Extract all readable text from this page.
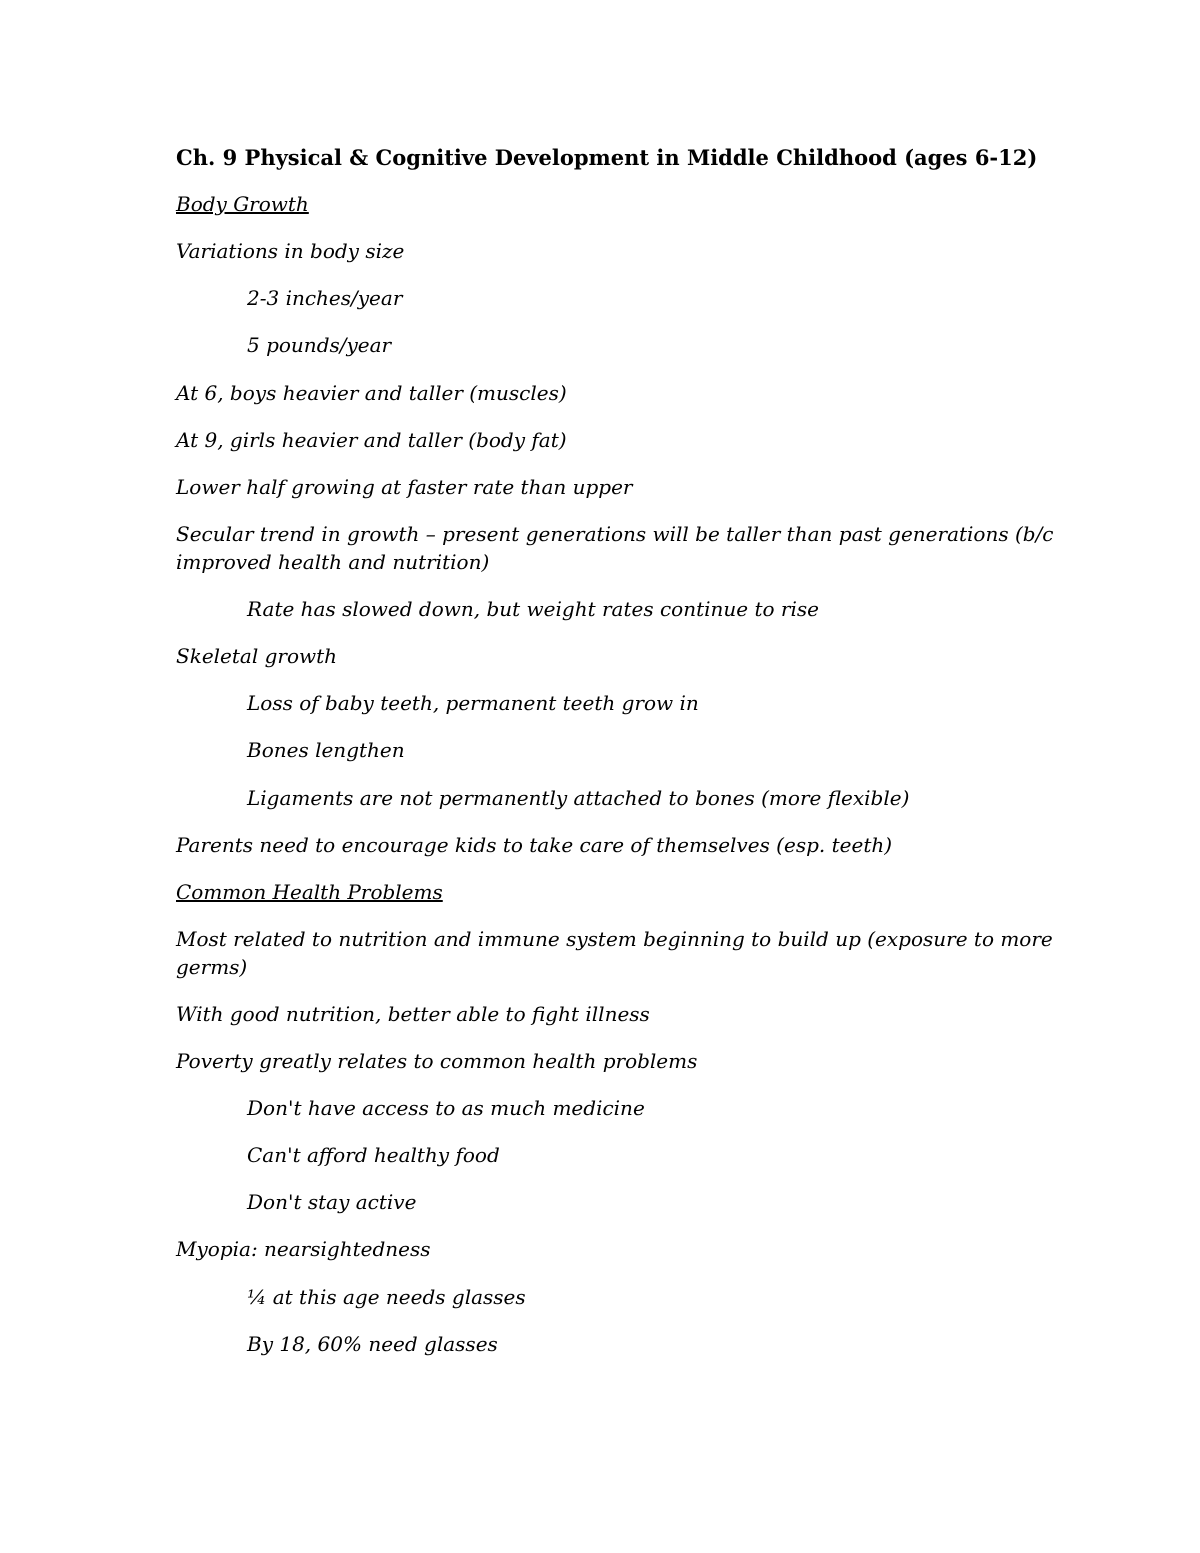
Ch. 9 Physical & Cognitive Development in Middle Childhood (ages 6-12)

Body Growth

Variations in body size

2-3 inches/year

5 pounds/year

At 6, boys heavier and taller (muscles)

At 9, girls heavier and taller (body fat)

Lower half growing at faster rate than upper

Secular trend in growth – present generations will be taller than past generations (b/c improved health and nutrition)

Rate has slowed down, but weight rates continue to rise

Skeletal growth

Loss of baby teeth, permanent teeth grow in

Bones lengthen

Ligaments are not permanently attached to bones (more flexible)

Parents need to encourage kids to take care of themselves (esp. teeth)

Common Health Problems

Most related to nutrition and immune system beginning to build up (exposure to more germs)

With good nutrition, better able to fight illness

Poverty greatly relates to common health problems

Don't have access to as much medicine

Can't afford healthy food

Don't stay active

Myopia: nearsightedness

¼ at this age needs glasses

By 18, 60% need glasses
